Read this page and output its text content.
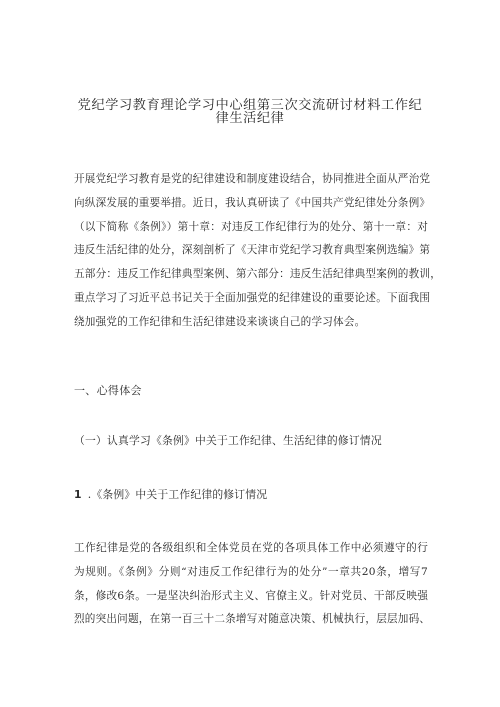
党纪学习教育理论学习中心组第三次交流研讨材料工作纪
律生活纪律
开展党纪学习教育是党的纪律建设和制度建设结合，协同推进全面从严治党
向纵深发展的重要举措。近日，我认真研读了《中国共产党纪律处分条例》
（以下简称《条例》）第十章：对违反工作纪律行为的处分、第十一章：对
违反生活纪律的处分，深刻剖析了《天津市党纪学习教育典型案例选编》第
五部分：违反工作纪律典型案例、第六部分：违反生活纪律典型案例的教训，
重点学习了习近平总书记关于全面加强党的纪律建设的重要论述。下面我围
绕加强党的工作纪律和生活纪律建设来谈谈自己的学习体会。
一、心得体会
（一）认真学习《条例》中关于工作纪律、生活纪律的修订情况
1 .《条例》中关于工作纪律的修订情况
工作纪律是党的各级组织和全体党员在党的各项具体工作中必须遵守的行
为规则。《条例》分则“对违反工作纪律行为的处分”一章共20条，增写7
条，修改6条。一是坚决纠治形式主义、官僚主义。针对党员、干部反映强
烈的突出问题，在第一百三十二条增写对随意决策、机械执行，层层加码、
